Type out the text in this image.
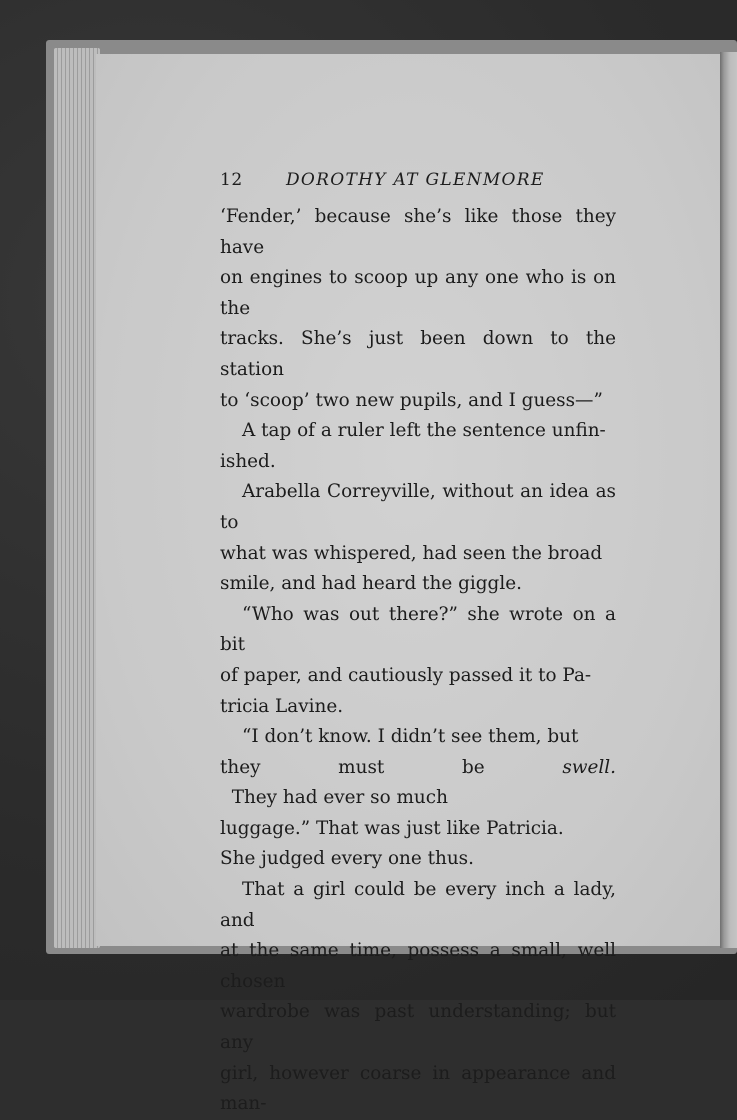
12	DOROTHY AT GLENMORE
‘Fender,’ because she’s like those they have
on engines to scoop up any one who is on the
tracks. She’s just been down to the station
to ‘scoop’ two new pupils, and I guess—”
A tap of a ruler left the sentence unfin-
ished.
Arabella Correyville, without an idea as to
what was whispered, had seen the broad
smile, and had heard the giggle.
“Who was out there?” she wrote on a bit
of paper, and cautiously passed it to Pa-
tricia Lavine.
“I don’t know. I didn’t see them, but
they must be swell.  They had ever so much
luggage.” That was just like Patricia.
She judged every one thus.
That a girl could be every inch a lady, and
at the same time, possess a small, well chosen
wardrobe was past understanding; but any
girl, however coarse in appearance and man-
